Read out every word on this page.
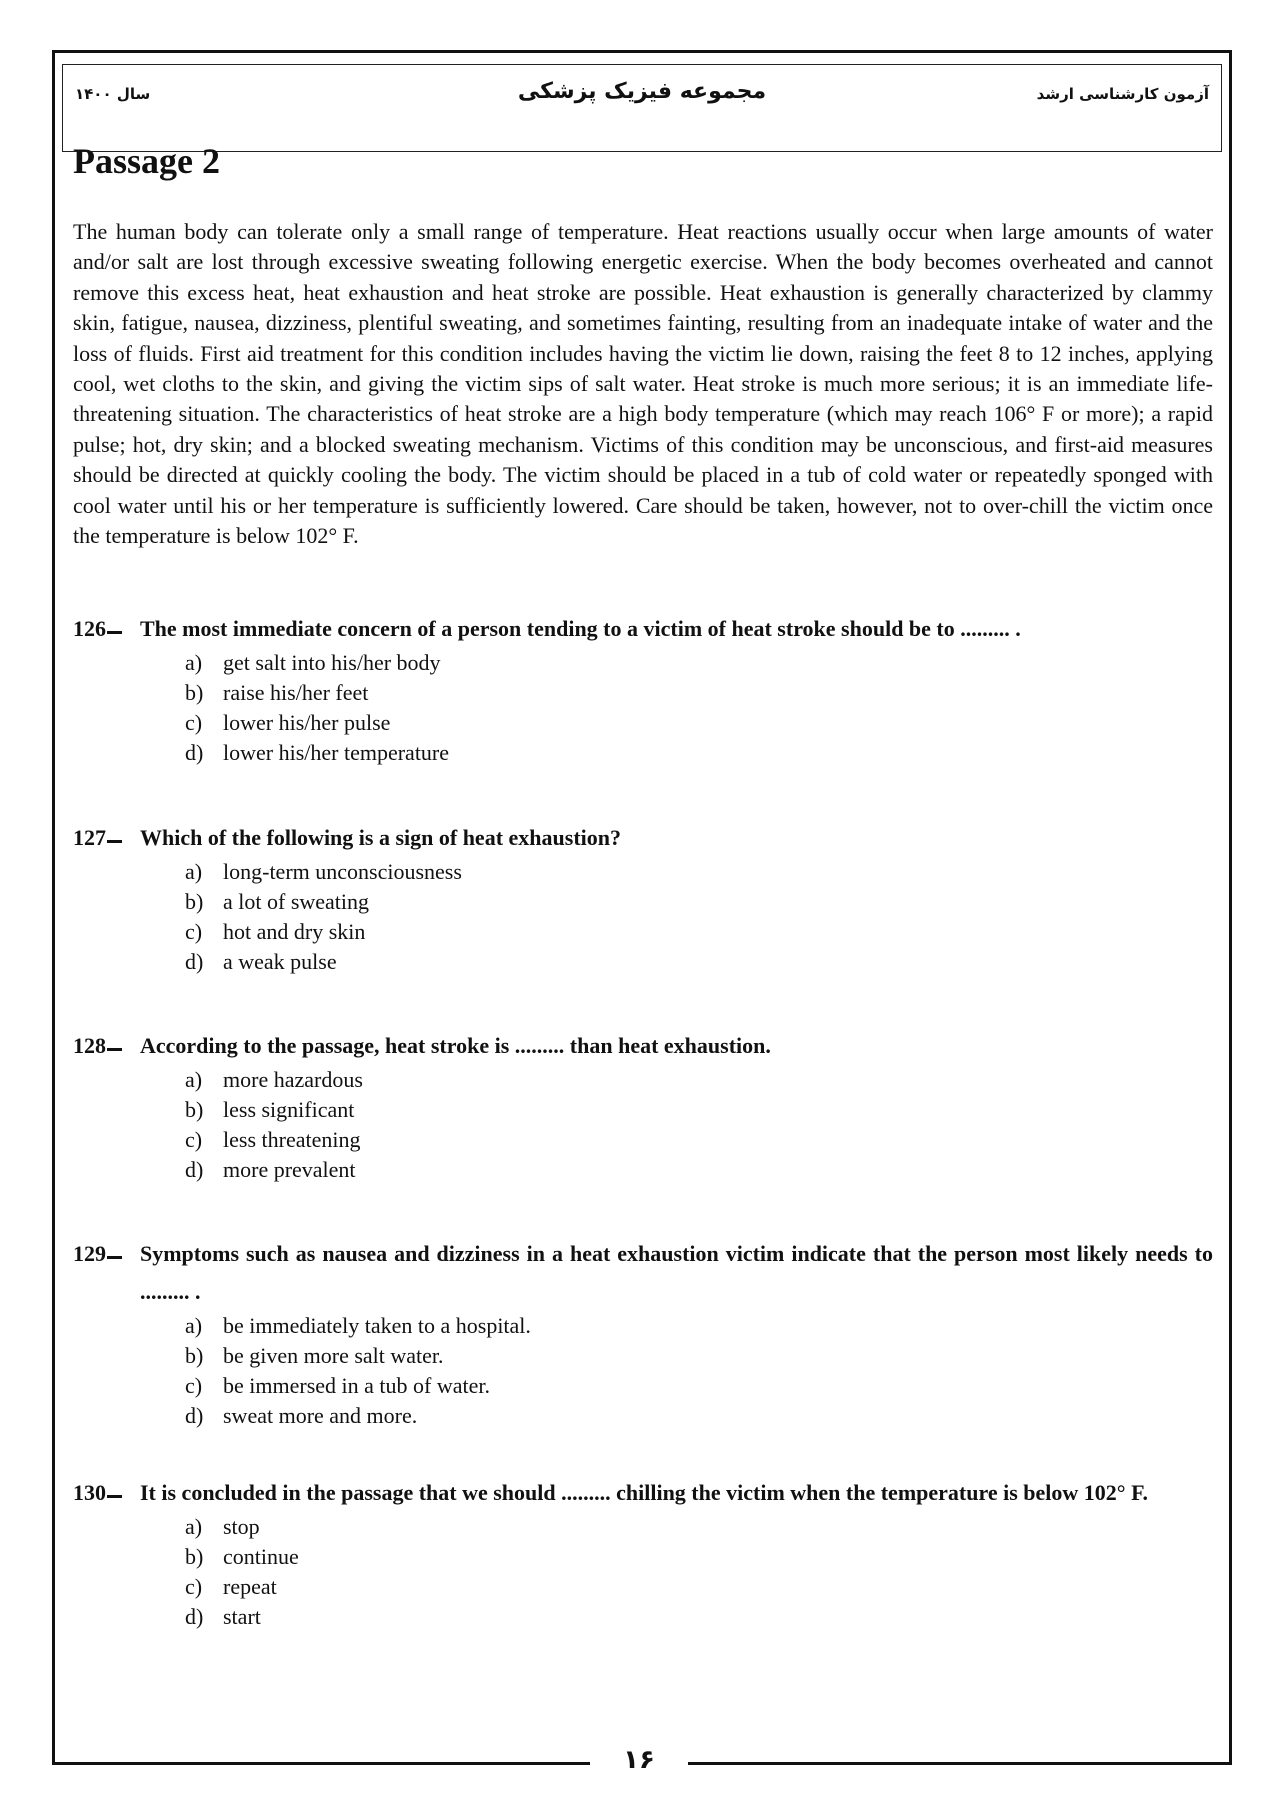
سال ۱۴۰۰	مجموعه فیزیک پزشکی	آزمون کارشناسی ارشد
Passage 2

The human body can tolerate only a small range of temperature. Heat reactions usually occur when large amounts of water and/or salt are lost through excessive sweating following energetic exercise. When the body becomes overheated and cannot remove this excess heat, heat exhaustion and heat stroke are possible. Heat exhaustion is generally characterized by clammy skin, fatigue, nausea, dizziness, plentiful sweating, and sometimes fainting, resulting from an inadequate intake of water and the loss of fluids. First aid treatment for this condition includes having the victim lie down, raising the feet 8 to 12 inches, applying cool, wet cloths to the skin, and giving the victim sips of salt water. Heat stroke is much more serious; it is an immediate life-threatening situation. The characteristics of heat stroke are a high body temperature (which may reach 106° F or more); a rapid pulse; hot, dry skin; and a blocked sweating mechanism. Victims of this condition may be unconscious, and first-aid measures should be directed at quickly cooling the body. The victim should be placed in a tub of cold water or repeatedly sponged with cool water until his or her temperature is sufficiently lowered. Care should be taken, however, not to over-chill the victim once the temperature is below 102° F.

126 The most immediate concern of a person tending to a victim of heat stroke should be to ......... .
a) get salt into his/her body
b) raise his/her feet
c) lower his/her pulse
d) lower his/her temperature
127 Which of the following is a sign of heat exhaustion?
a) long-term unconsciousness
b) a lot of sweating
c) hot and dry skin
d) a weak pulse
128 According to the passage, heat stroke is ......... than heat exhaustion.
a) more hazardous
b) less significant
c) less threatening
d) more prevalent
129 Symptoms such as nausea and dizziness in a heat exhaustion victim indicate that the person most likely needs to ......... .
a) be immediately taken to a hospital.
b) be given more salt water.
c) be immersed in a tub of water.
d) sweat more and more.
130 It is concluded in the passage that we should ......... chilling the victim when the temperature is below 102° F.
a) stop
b) continue
c) repeat
d) start
۱۶
